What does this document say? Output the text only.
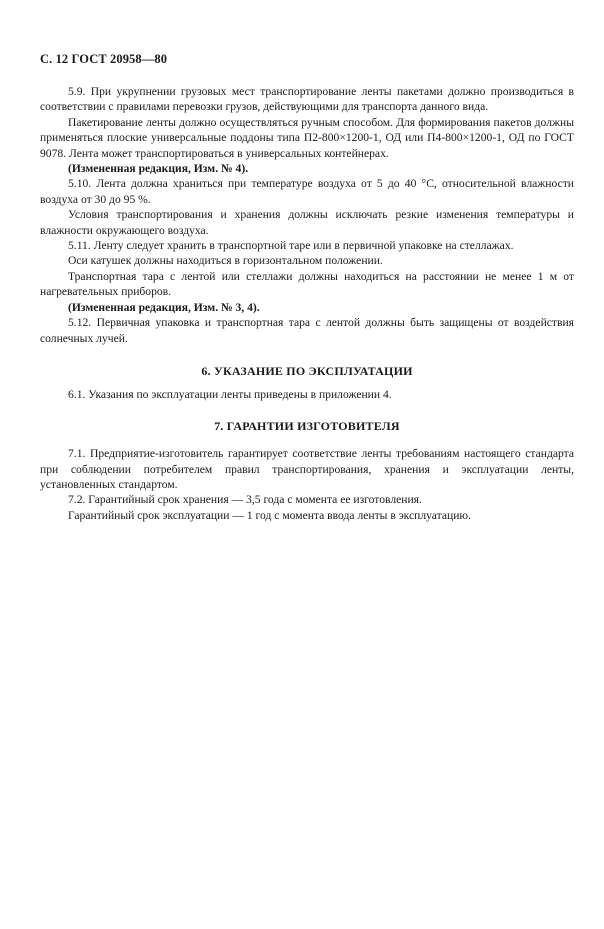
С. 12 ГОСТ 20958—80

5.9. При укрупнении грузовых мест транспортирование ленты пакетами должно производиться в соответствии с правилами перевозки грузов, действующими для транспорта данного вида.

Пакетирование ленты должно осуществляться ручным способом. Для формирования пакетов должны применяться плоские универсальные поддоны типа П2-800×1200-1, ОД или П4-800×1200-1, ОД по ГОСТ 9078. Лента может транспортироваться в универсальных контейнерах.

(Измененная редакция, Изм. № 4).

5.10. Лента должна храниться при температуре воздуха от 5 до 40 °С, относительной влажности воздуха от 30 до 95 %.

Условия транспортирования и хранения должны исключать резкие изменения температуры и влажности окружающего воздуха.

5.11. Ленту следует хранить в транспортной таре или в первичной упаковке на стеллажах.

Оси катушек должны находиться в горизонтальном положении.

Транспортная тара с лентой или стеллажи должны находиться на расстоянии не менее 1 м от нагревательных приборов.

(Измененная редакция, Изм. № 3, 4).

5.12. Первичная упаковка и транспортная тара с лентой должны быть защищены от воздействия солнечных лучей.

6. УКАЗАНИЕ ПО ЭКСПЛУАТАЦИИ

6.1. Указания по эксплуатации ленты приведены в приложении 4.

7. ГАРАНТИИ ИЗГОТОВИТЕЛЯ

7.1. Предприятие-изготовитель гарантирует соответствие ленты требованиям настоящего стандарта при соблюдении потребителем правил транспортирования, хранения и эксплуатации ленты, установленных стандартом.

7.2. Гарантийный срок хранения — 3,5 года с момента ее изготовления.

Гарантийный срок эксплуатации — 1 год с момента ввода ленты в эксплуатацию.
